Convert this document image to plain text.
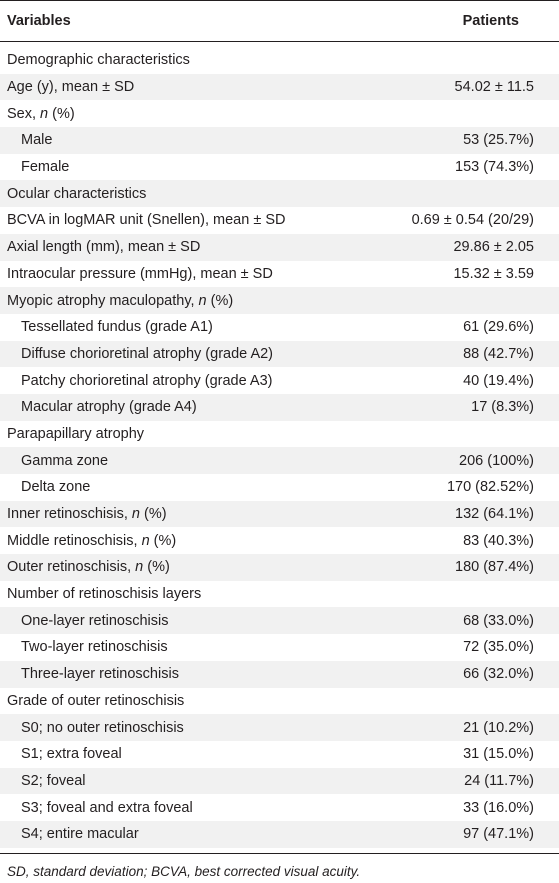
Variables	Patients
Demographic characteristics
Age (y), mean ± SD	54.02 ± 11.5
Sex, n (%)
Male	53 (25.7%)
Female	153 (74.3%)
Ocular characteristics
BCVA in logMAR unit (Snellen), mean ± SD	0.69 ± 0.54 (20/29)
Axial length (mm), mean ± SD	29.86 ± 2.05
Intraocular pressure (mmHg), mean ± SD	15.32 ± 3.59
Myopic atrophy maculopathy, n (%)
Tessellated fundus (grade A1)	61 (29.6%)
Diffuse chorioretinal atrophy (grade A2)	88 (42.7%)
Patchy chorioretinal atrophy (grade A3)	40 (19.4%)
Macular atrophy (grade A4)	17 (8.3%)
Parapapillary atrophy
Gamma zone	206 (100%)
Delta zone	170 (82.52%)
Inner retinoschisis, n (%)	132 (64.1%)
Middle retinoschisis, n (%)	83 (40.3%)
Outer retinoschisis, n (%)	180 (87.4%)
Number of retinoschisis layers
One-layer retinoschisis	68 (33.0%)
Two-layer retinoschisis	72 (35.0%)
Three-layer retinoschisis	66 (32.0%)
Grade of outer retinoschisis
S0; no outer retinoschisis	21 (10.2%)
S1; extra foveal	31 (15.0%)
S2; foveal	24 (11.7%)
S3; foveal and extra foveal	33 (16.0%)
S4; entire macular	97 (47.1%)
SD, standard deviation; BCVA, best corrected visual acuity.
